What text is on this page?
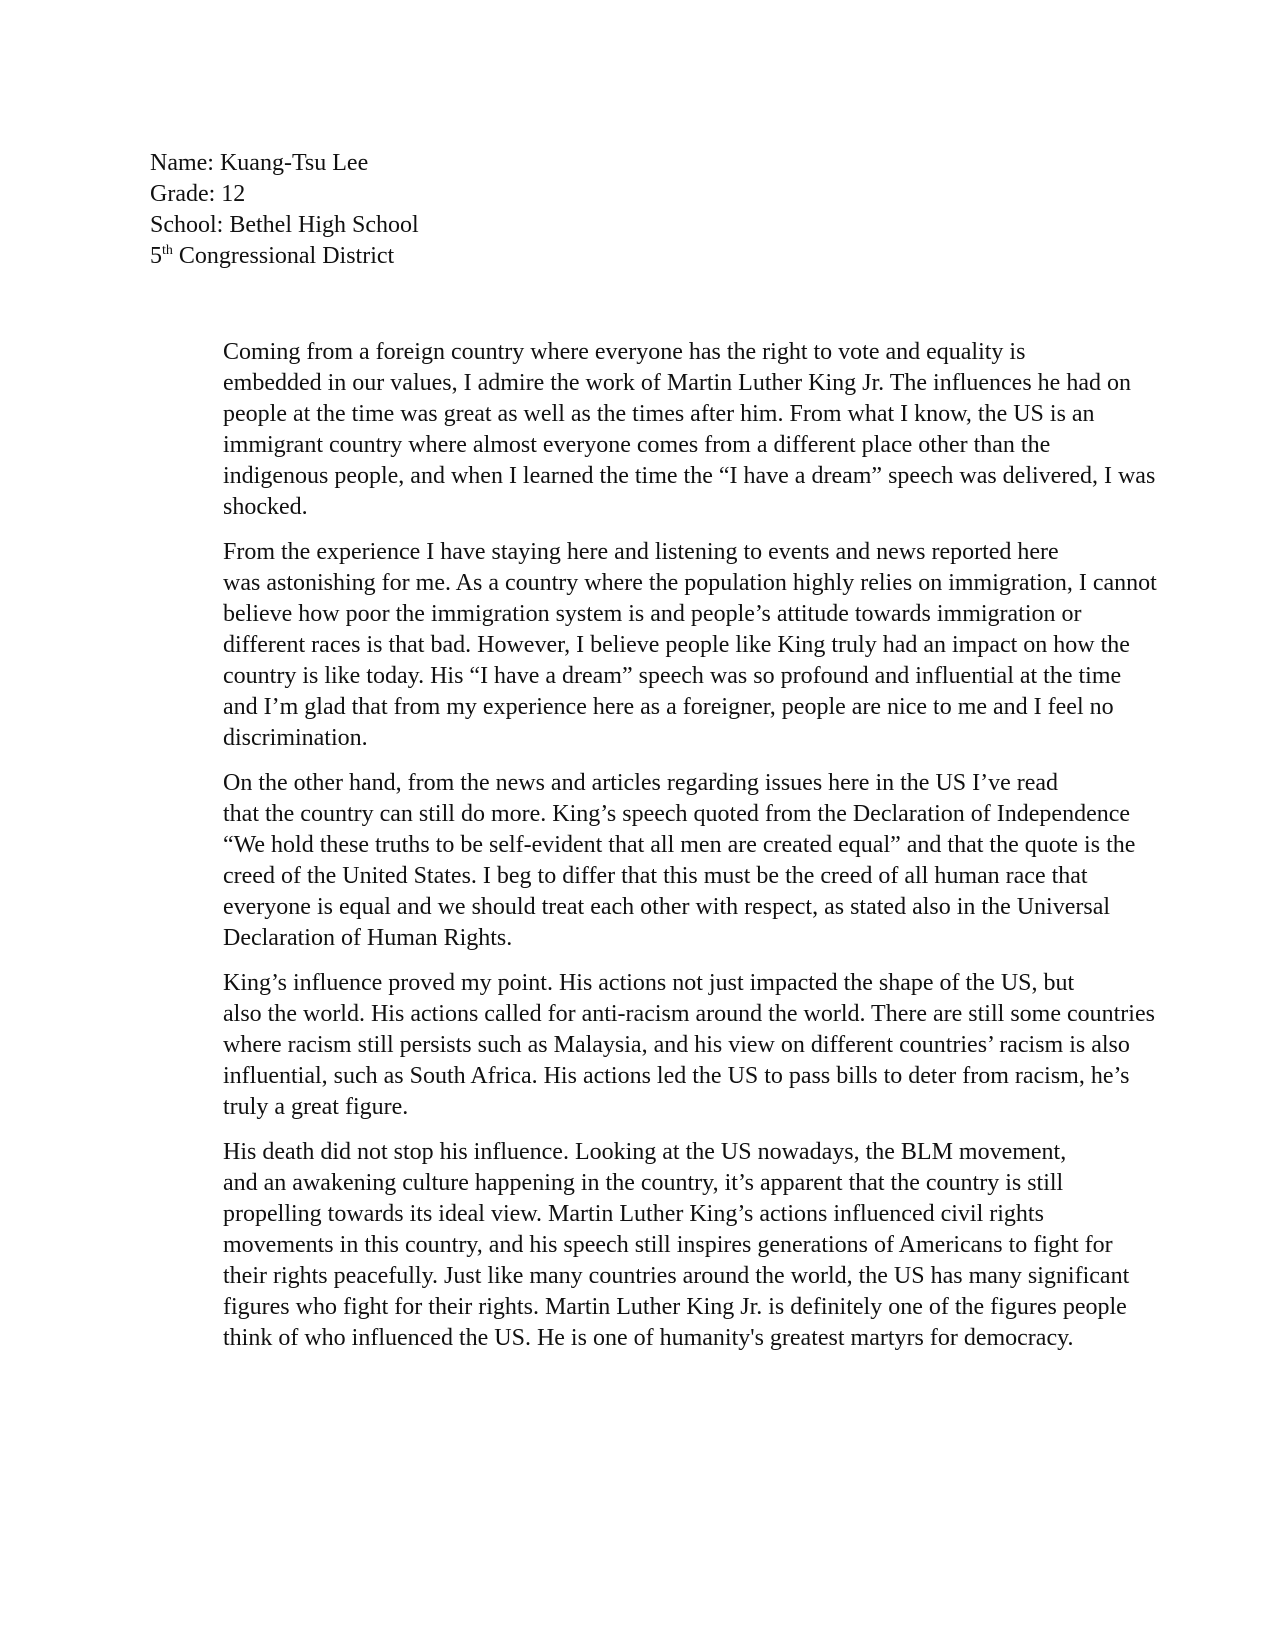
Name: Kuang-Tsu Lee
Grade: 12
School: Bethel High School
5th Congressional District

Coming from a foreign country where everyone has the right to vote and equality is
embedded in our values, I admire the work of Martin Luther King Jr. The influences he had on
people at the time was great as well as the times after him. From what I know, the US is an
immigrant country where almost everyone comes from a different place other than the
indigenous people, and when I learned the time the “I have a dream” speech was delivered, I was
shocked.

From the experience I have staying here and listening to events and news reported here
was astonishing for me. As a country where the population highly relies on immigration, I cannot
believe how poor the immigration system is and people’s attitude towards immigration or
different races is that bad. However, I believe people like King truly had an impact on how the
country is like today. His “I have a dream” speech was so profound and influential at the time
and I’m glad that from my experience here as a foreigner, people are nice to me and I feel no
discrimination.

On the other hand, from the news and articles regarding issues here in the US I’ve read
that the country can still do more. King’s speech quoted from the Declaration of Independence
“We hold these truths to be self-evident that all men are created equal” and that the quote is the
creed of the United States. I beg to differ that this must be the creed of all human race that
everyone is equal and we should treat each other with respect, as stated also in the Universal
Declaration of Human Rights.

King’s influence proved my point. His actions not just impacted the shape of the US, but
also the world. His actions called for anti-racism around the world. There are still some countries
where racism still persists such as Malaysia, and his view on different countries’ racism is also
influential, such as South Africa. His actions led the US to pass bills to deter from racism, he’s
truly a great figure.

His death did not stop his influence. Looking at the US nowadays, the BLM movement,
and an awakening culture happening in the country, it’s apparent that the country is still
propelling towards its ideal view. Martin Luther King’s actions influenced civil rights
movements in this country, and his speech still inspires generations of Americans to fight for
their rights peacefully. Just like many countries around the world, the US has many significant
figures who fight for their rights. Martin Luther King Jr. is definitely one of the figures people
think of who influenced the US. He is one of humanity's greatest martyrs for democracy.
